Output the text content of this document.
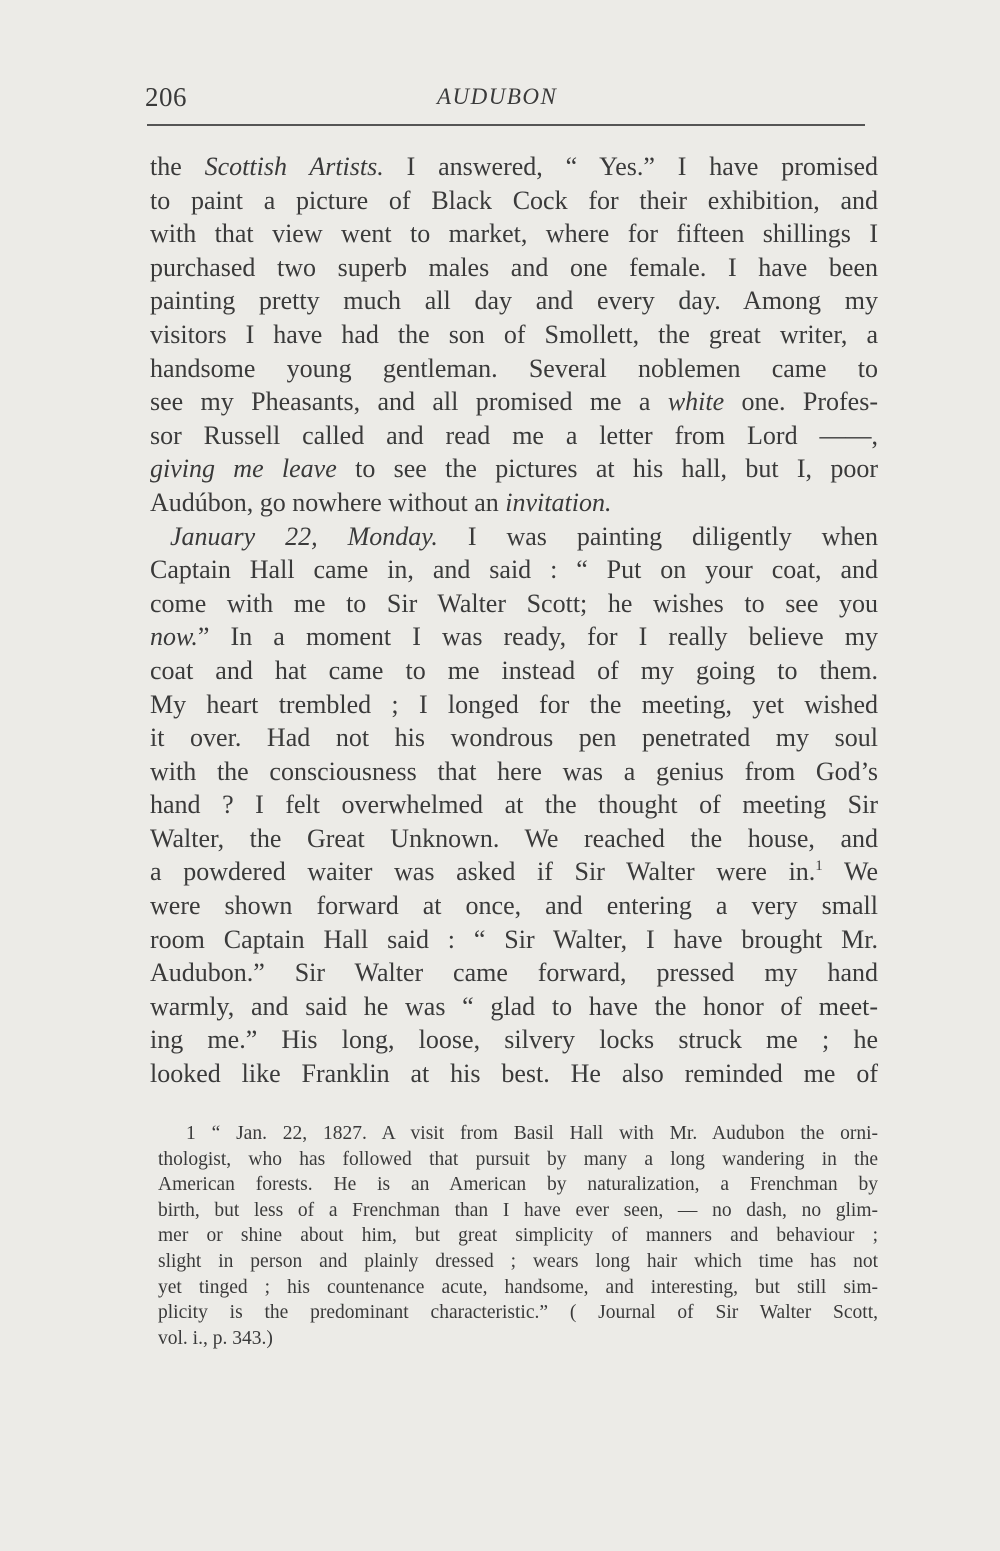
206	AUDUBON
the Scottish Artists. I answered, “ Yes.” I have promised
to paint a picture of Black Cock for their exhibition, and
with that view went to market, where for fifteen shillings I
purchased two superb males and one female. I have been
painting pretty much all day and every day. Among my
visitors I have had the son of Smollett, the great writer, a
handsome young gentleman. Several noblemen came to
see my Pheasants, and all promised me a white one. Profes-
sor Russell called and read me a letter from Lord ——,
giving me leave to see the pictures at his hall, but I, poor
Audúbon, go nowhere without an invitation.
January 22, Monday. I was painting diligently when
Captain Hall came in, and said : “ Put on your coat, and
come with me to Sir Walter Scott; he wishes to see you
now.” In a moment I was ready, for I really believe my
coat and hat came to me instead of my going to them.
My heart trembled ; I longed for the meeting, yet wished
it over. Had not his wondrous pen penetrated my soul
with the consciousness that here was a genius from God’s
hand ? I felt overwhelmed at the thought of meeting Sir
Walter, the Great Unknown. We reached the house, and
a powdered waiter was asked if Sir Walter were in.$^1$ We
were shown forward at once, and entering a very small
room Captain Hall said : “ Sir Walter, I have brought Mr.
Audubon.” Sir Walter came forward, pressed my hand
warmly, and said he was “ glad to have the honor of meet-
ing me.” His long, loose, silvery locks struck me ; he
looked like Franklin at his best. He also reminded me of
1 “ Jan. 22, 1827. A visit from Basil Hall with Mr. Audubon the orni-
thologist, who has followed that pursuit by many a long wandering in the
American forests. He is an American by naturalization, a Frenchman by
birth, but less of a Frenchman than I have ever seen, — no dash, no glim-
mer or shine about him, but great simplicity of manners and behaviour ;
slight in person and plainly dressed ; wears long hair which time has not
yet tinged ; his countenance acute, handsome, and interesting, but still sim-
plicity is the predominant characteristic.” ( Journal of Sir Walter Scott,
vol. i., p. 343.)
